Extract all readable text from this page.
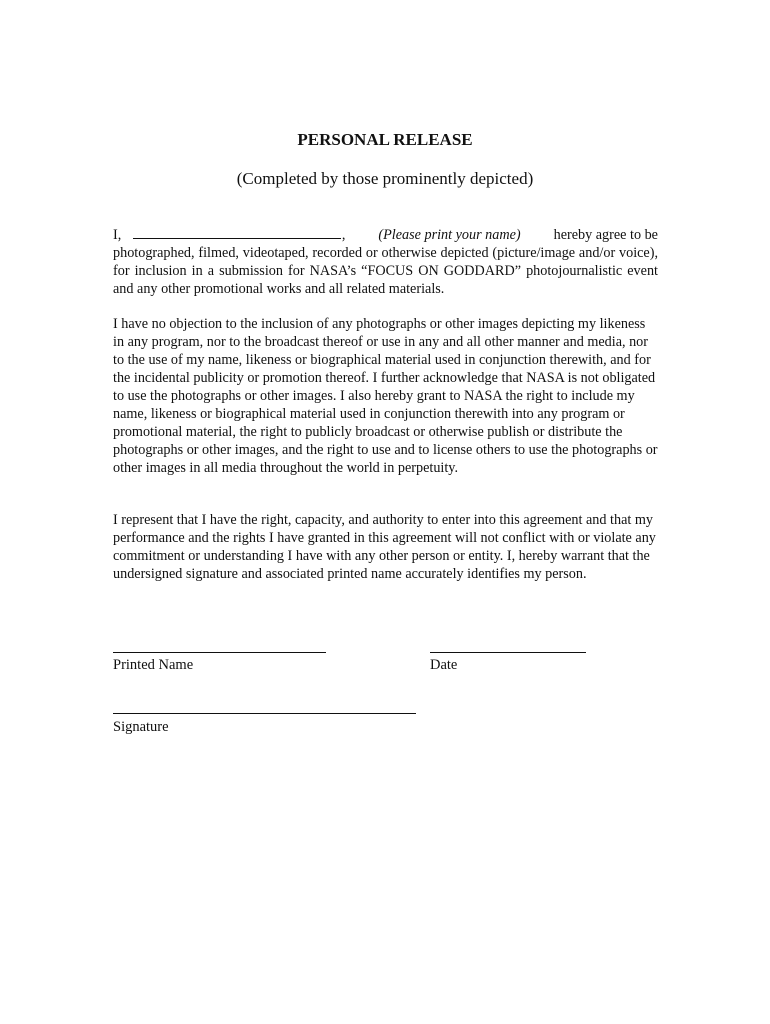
PERSONAL RELEASE
(Completed by those prominently depicted)
I,	, (Please print your name) hereby agree to be
photographed, filmed, videotaped, recorded or otherwise depicted (picture/image and/or voice), for inclusion in a submission for NASA’s “FOCUS ON GODDARD” photojournalistic event and any other promotional works and all related materials.

I have no objection to the inclusion of any photographs or other images depicting my likeness in any program, nor to the broadcast thereof or use in any and all other manner and media, nor to the use of my name, likeness or biographical material used in conjunction therewith, and for the incidental publicity or promotion thereof. I further acknowledge that NASA is not obligated to use the photographs or other images. I also hereby grant to NASA the right to include my name, likeness or biographical material used in conjunction therewith into any program or promotional material, the right to publicly broadcast or otherwise publish or distribute the photographs or other images, and the right to use and to license others to use the photographs or other images in all media throughout the world in perpetuity.

I represent that I have the right, capacity, and authority to enter into this agreement and that my performance and the rights I have granted in this agreement will not conflict with or violate any commitment or understanding I have with any other person or entity. I, hereby warrant that the undersigned signature and associated printed name accurately identifies my person.

Printed Name	Date
Signature
